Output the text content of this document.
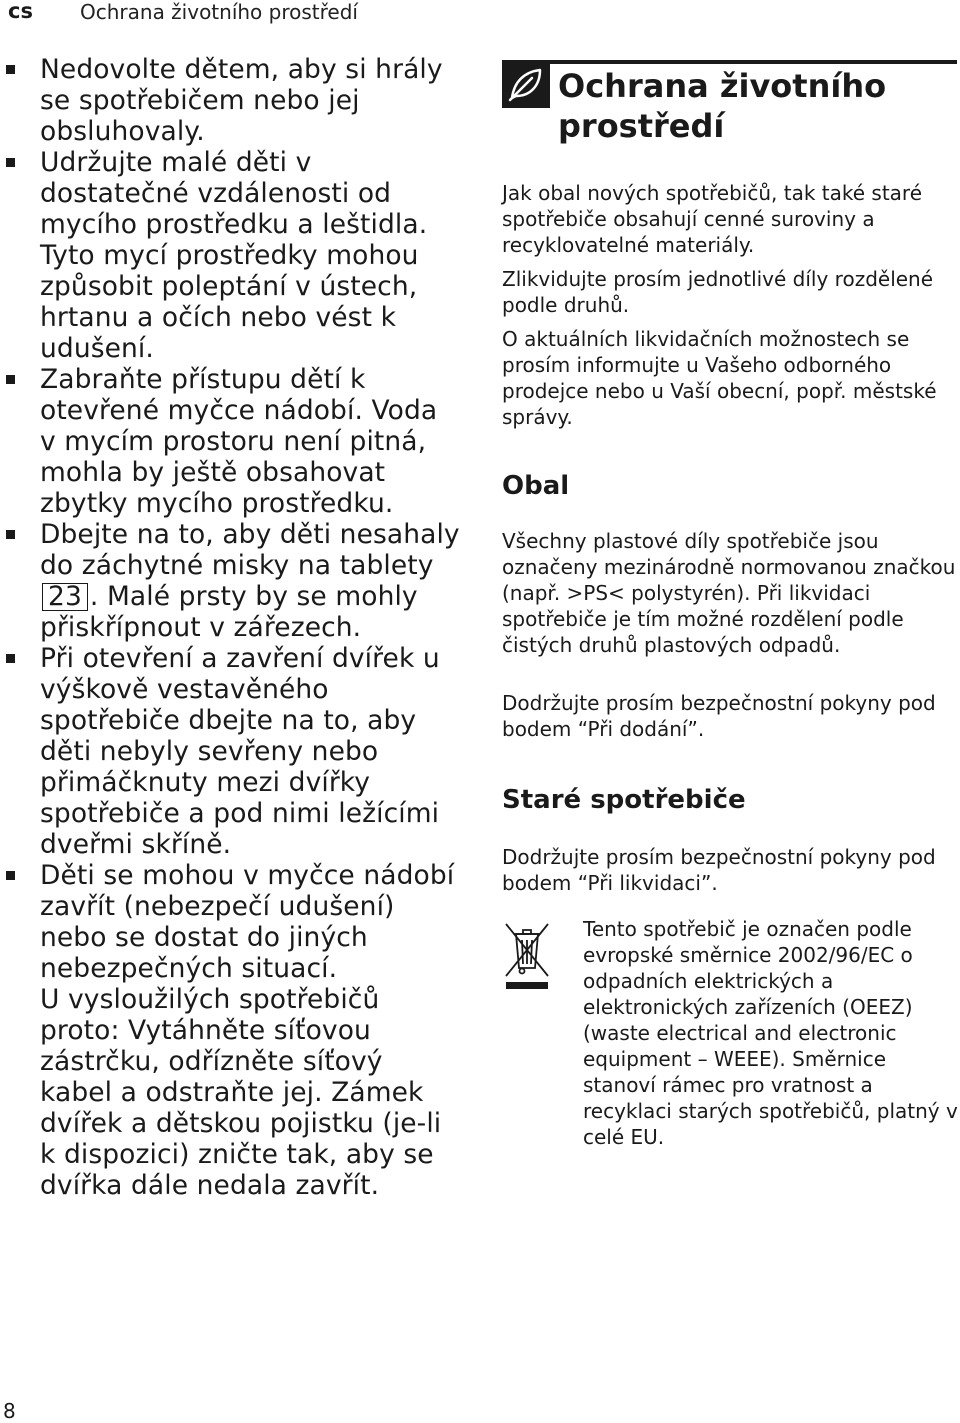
cs Ochrana životního prostředí

Nedovolte dětem, aby si hrály se spotřebičem nebo jej obsluhovaly.

Udržujte malé děti v dostatečné vzdálenosti od mycího prostředku a leštidla. Tyto mycí prostředky mohou způsobit poleptání v ústech, hrtanu a očích nebo vést k udušení.

Zabraňte přístupu dětí k otevřené myčce nádobí. Voda v mycím prostoru není pitná, mohla by ještě obsahovat zbytky mycího prostředku.

Dbejte na to, aby děti nesahaly do záchytné misky na tablety 23 . Malé prsty by se mohly přiskřípnout v zářezech.

Při otevření a zavření dvířek u výškově vestavěného spotřebiče dbejte na to, aby děti nebyly sevřeny nebo přimáčknuty mezi dvířky spotřebiče a pod nimi ležícími dveřmi skříně.

Děti se mohou v myčce nádobí zavřít (nebezpečí udušení) nebo se dostat do jiných nebezpečných situací.

U vysloužilých spotřebičů proto: Vytáhněte síťovou zástrčku, odřízněte síťový kabel a odstraňte jej. Zámek dvířek a dětskou pojistku (je-li k dispozici) zničte tak, aby se dvířka dále nedala zavřít.

Ochrana životního prostředí

Jak obal nových spotřebičů, tak také staré spotřebiče obsahují cenné suroviny a recyklovatelné materiály.

Zlikvidujte prosím jednotlivé díly rozdělené podle druhů.

O aktuálních likvidačních možnostech se prosím informujte u Vašeho odborného prodejce nebo u Vaší obecní, popř. městské správy.

Obal

Všechny plastové díly spotřebiče jsou označeny mezinárodně normovanou značkou (např. >PS< polystyrén). Při likvidaci spotřebiče je tím možné rozdělení podle čistých druhů plastových odpadů.

Dodržujte prosím bezpečnostní pokyny pod bodem “Při dodání”.

Staré spotřebiče

Dodržujte prosím bezpečnostní pokyny pod bodem “Při likvidaci”.

Tento spotřebič je označen podle evropské směrnice 2002/96/EC o odpadních elektrických a elektronických zařízeních (OEEZ) (waste electrical and electronic equipment – WEEE). Směrnice stanoví rámec pro vratnost a recyklaci starých spotřebičů, platný v celé EU.

8
